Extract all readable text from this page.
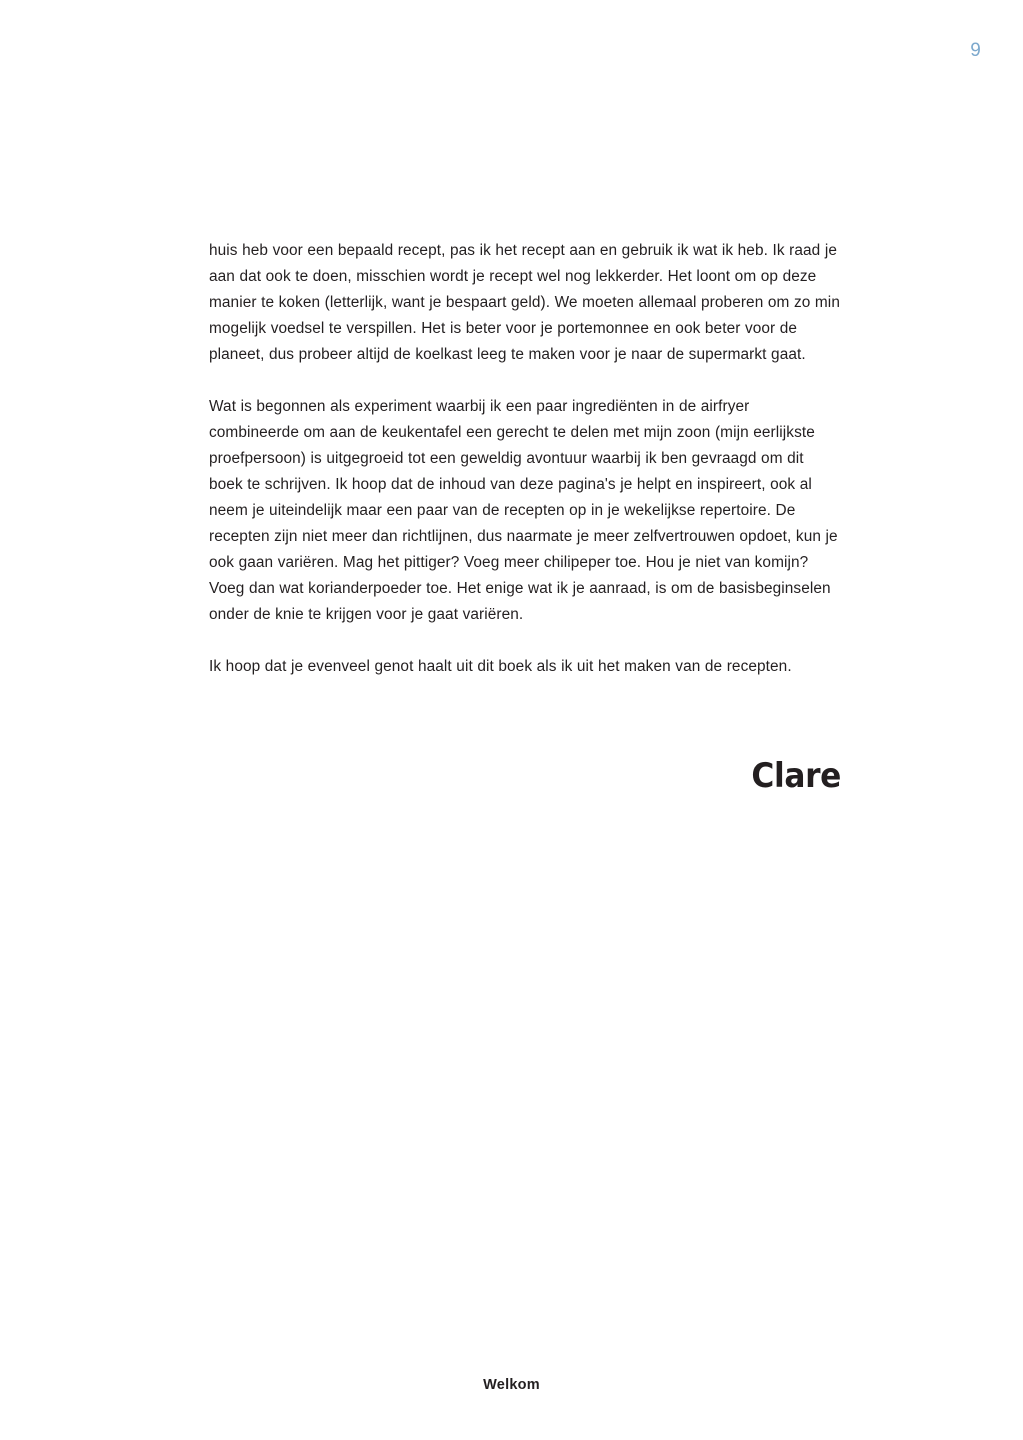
9

huis heb voor een bepaald recept, pas ik het recept aan en gebruik ik wat ik heb. Ik raad je aan dat ook te doen, misschien wordt je recept wel nog lekkerder. Het loont om op deze manier te koken (letterlijk, want je bespaart geld). We moeten allemaal proberen om zo min mogelijk voedsel te verspillen. Het is beter voor je portemonnee en ook beter voor de planeet, dus probeer altijd de koelkast leeg te maken voor je naar de supermarkt gaat.

Wat is begonnen als experiment waarbij ik een paar ingrediënten in de airfryer combineerde om aan de keukentafel een gerecht te delen met mijn zoon (mijn eerlijkste proefpersoon) is uitgegroeid tot een geweldig avontuur waarbij ik ben gevraagd om dit boek te schrijven. Ik hoop dat de inhoud van deze pagina's je helpt en inspireert, ook al neem je uiteindelijk maar een paar van de recepten op in je wekelijkse repertoire. De recepten zijn niet meer dan richtlijnen, dus naarmate je meer zelfvertrouwen opdoet, kun je ook gaan variëren. Mag het pittiger? Voeg meer chilipeper toe. Hou je niet van komijn? Voeg dan wat korianderpoeder toe. Het enige wat ik je aanraad, is om de basisbeginselen onder de knie te krijgen voor je gaat variëren.

Ik hoop dat je evenveel genot haalt uit dit boek als ik uit het maken van de recepten.

Clare
Welkom
